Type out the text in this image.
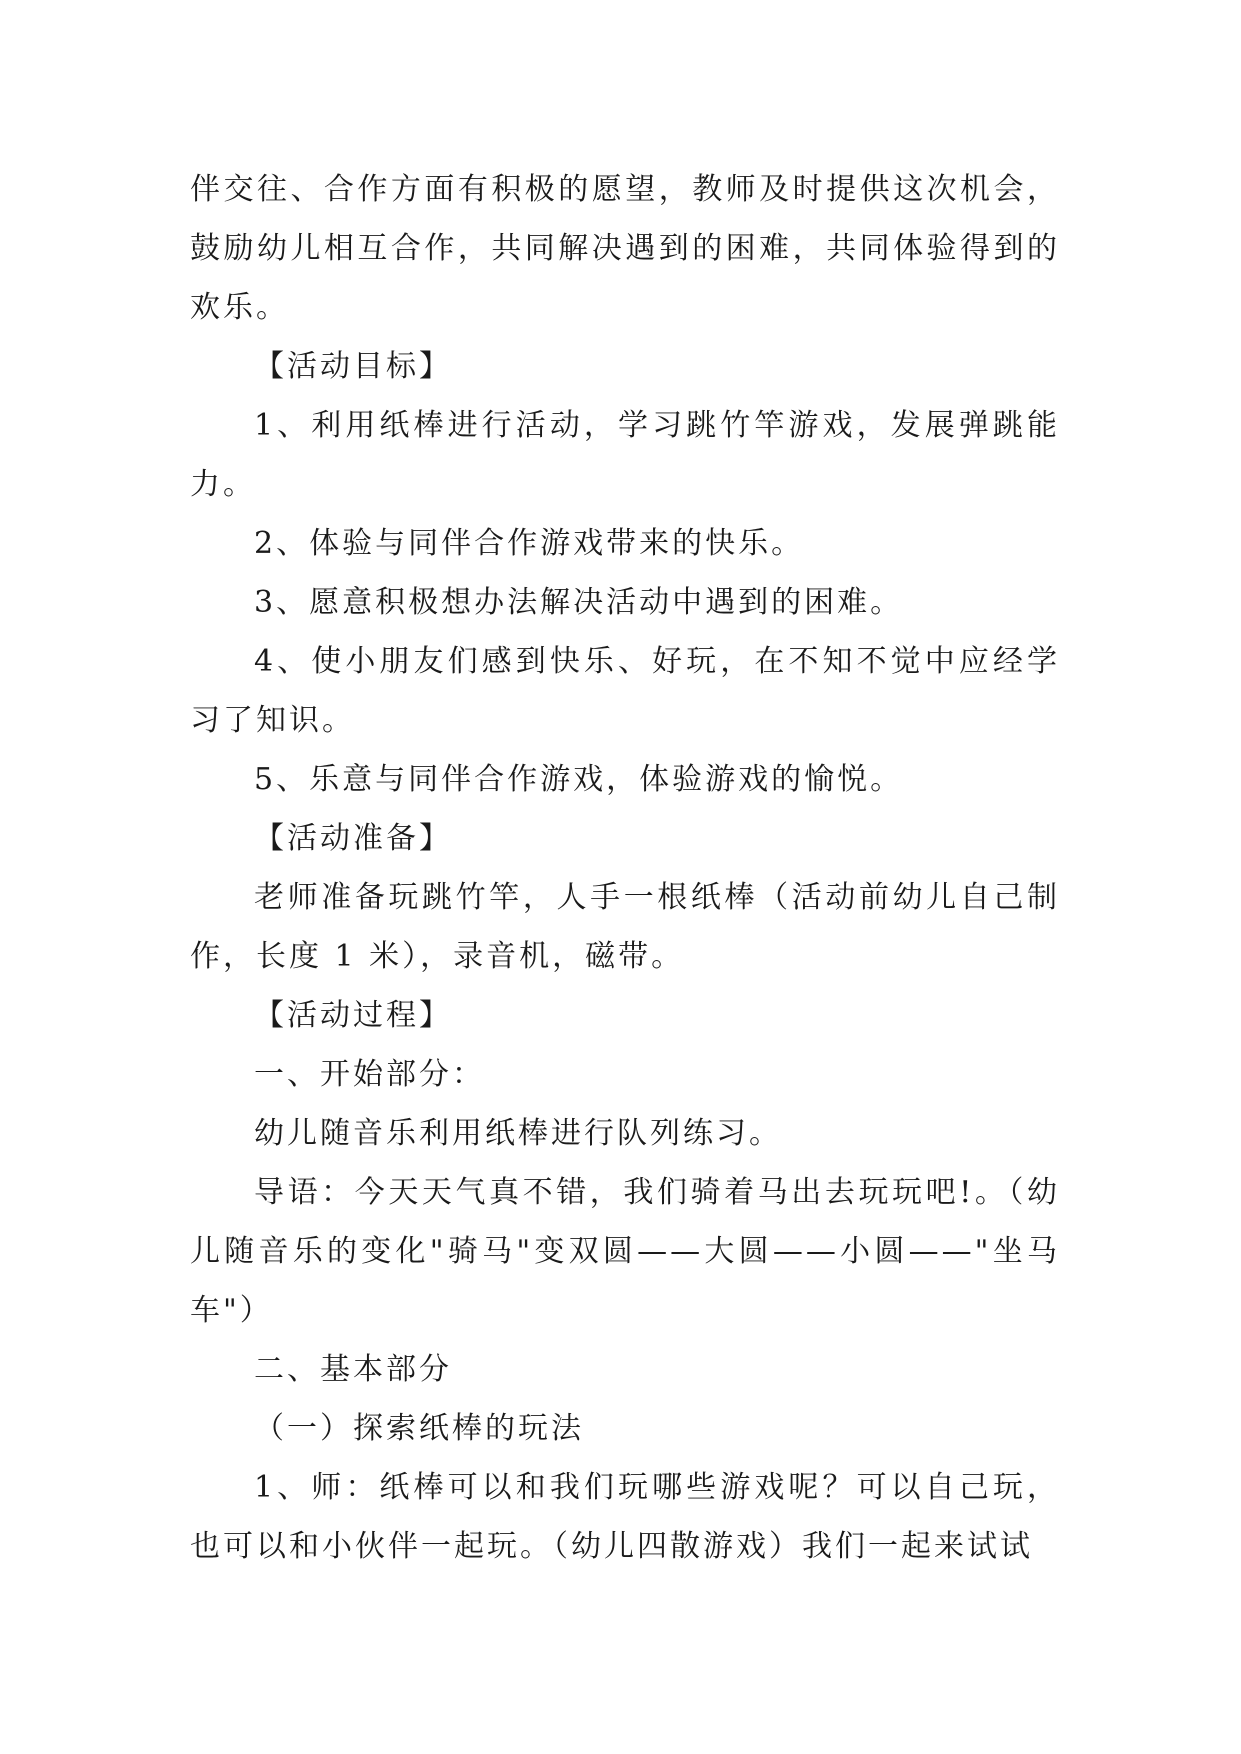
伴交往、合作方面有积极的愿望，教师及时提供这次机会，鼓励幼儿相互合作，共同解决遇到的困难，共同体验得到的欢乐。

【活动目标】

1、利用纸棒进行活动，学习跳竹竿游戏，发展弹跳能力。

2、体验与同伴合作游戏带来的快乐。

3、愿意积极想办法解决活动中遇到的困难。

4、使小朋友们感到快乐、好玩，在不知不觉中应经学习了知识。

5、乐意与同伴合作游戏，体验游戏的愉悦。

【活动准备】

老师准备玩跳竹竿，人手一根纸棒（活动前幼儿自己制作，长度 1 米），录音机，磁带。

【活动过程】

一、开始部分：

幼儿随音乐利用纸棒进行队列练习。

导语：今天天气真不错，我们骑着马出去玩玩吧!。（幼儿随音乐的变化"骑马"变双圆——大圆——小圆——"坐马车"）

二、基本部分

（一）探索纸棒的玩法

1、师：纸棒可以和我们玩哪些游戏呢？可以自己玩，也可以和小伙伴一起玩。（幼儿四散游戏）我们一起来试试
